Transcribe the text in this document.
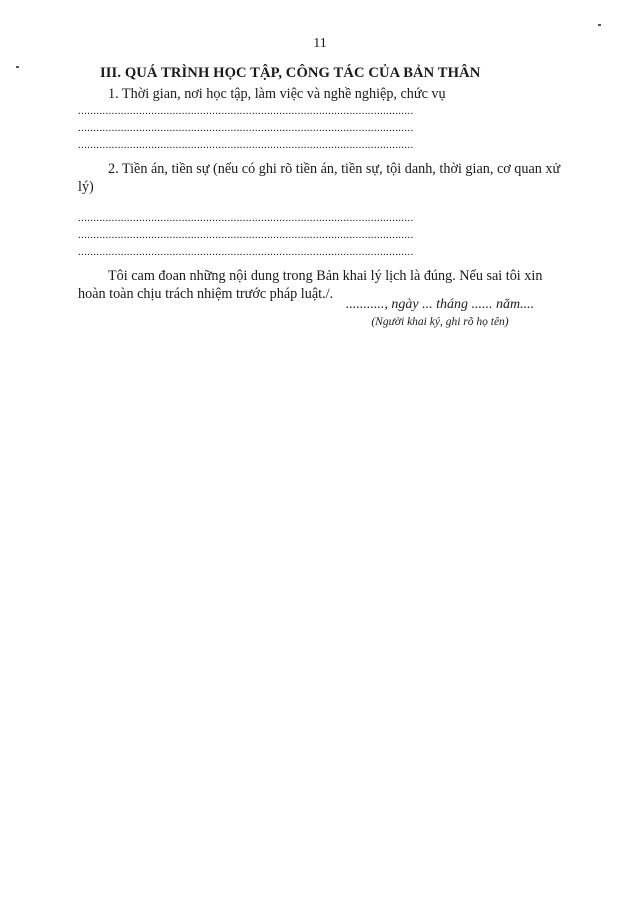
11
III. QUÁ TRÌNH HỌC TẬP, CÔNG TÁC CỦA BẢN THÂN

1. Thời gian, nơi học tập, làm việc và nghề nghiệp, chức vụ

..............................................................................................................
..............................................................................................................
..............................................................................................................

2. Tiền án, tiền sự (nếu có ghi rõ tiền án, tiền sự, tội danh, thời gian, cơ quan xử lý)

..............................................................................................................
..............................................................................................................
..............................................................................................................

Tôi cam đoan những nội dung trong Bản khai lý lịch là đúng. Nếu sai tôi xin hoàn toàn chịu trách nhiệm trước pháp luật./.

..........., ngày ... tháng ...... năm....
(Người khai ký, ghi rõ họ tên)
